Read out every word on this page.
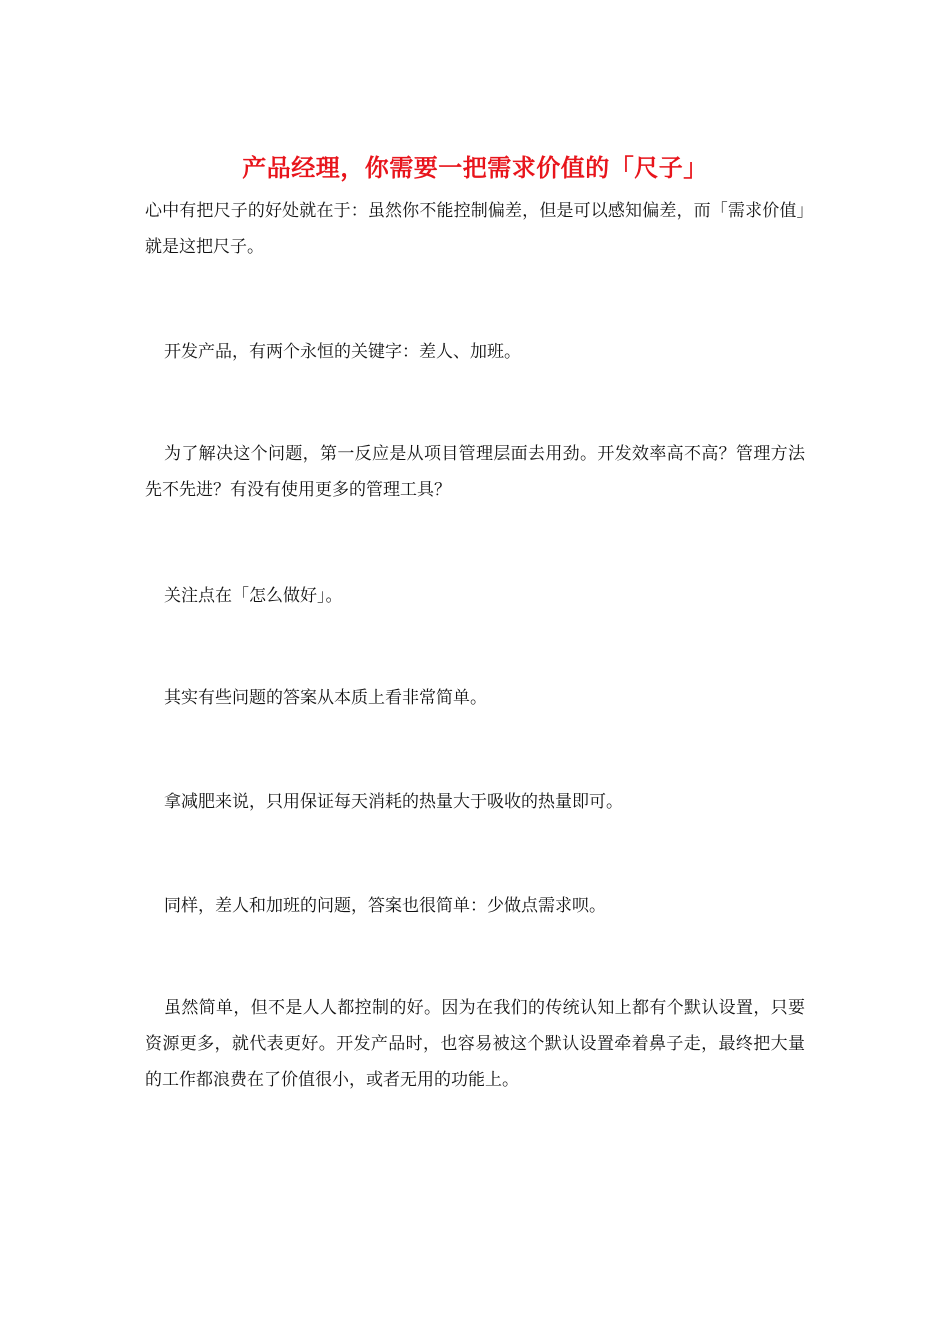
产品经理，你需要一把需求价值的「尺子」

心中有把尺子的好处就在于：虽然你不能控制偏差，但是可以感知偏差，而「需求价值」就是这把尺子。

开发产品，有两个永恒的关键字：差人、加班。

为了解决这个问题，第一反应是从项目管理层面去用劲。开发效率高不高？管理方法先不先进？有没有使用更多的管理工具？

关注点在「怎么做好」。

其实有些问题的答案从本质上看非常简单。

拿减肥来说，只用保证每天消耗的热量大于吸收的热量即可。

同样，差人和加班的问题，答案也很简单：少做点需求呗。

虽然简单，但不是人人都控制的好。因为在我们的传统认知上都有个默认设置，只要资源更多，就代表更好。开发产品时，也容易被这个默认设置牵着鼻子走，最终把大量的工作都浪费在了价值很小，或者无用的功能上。
